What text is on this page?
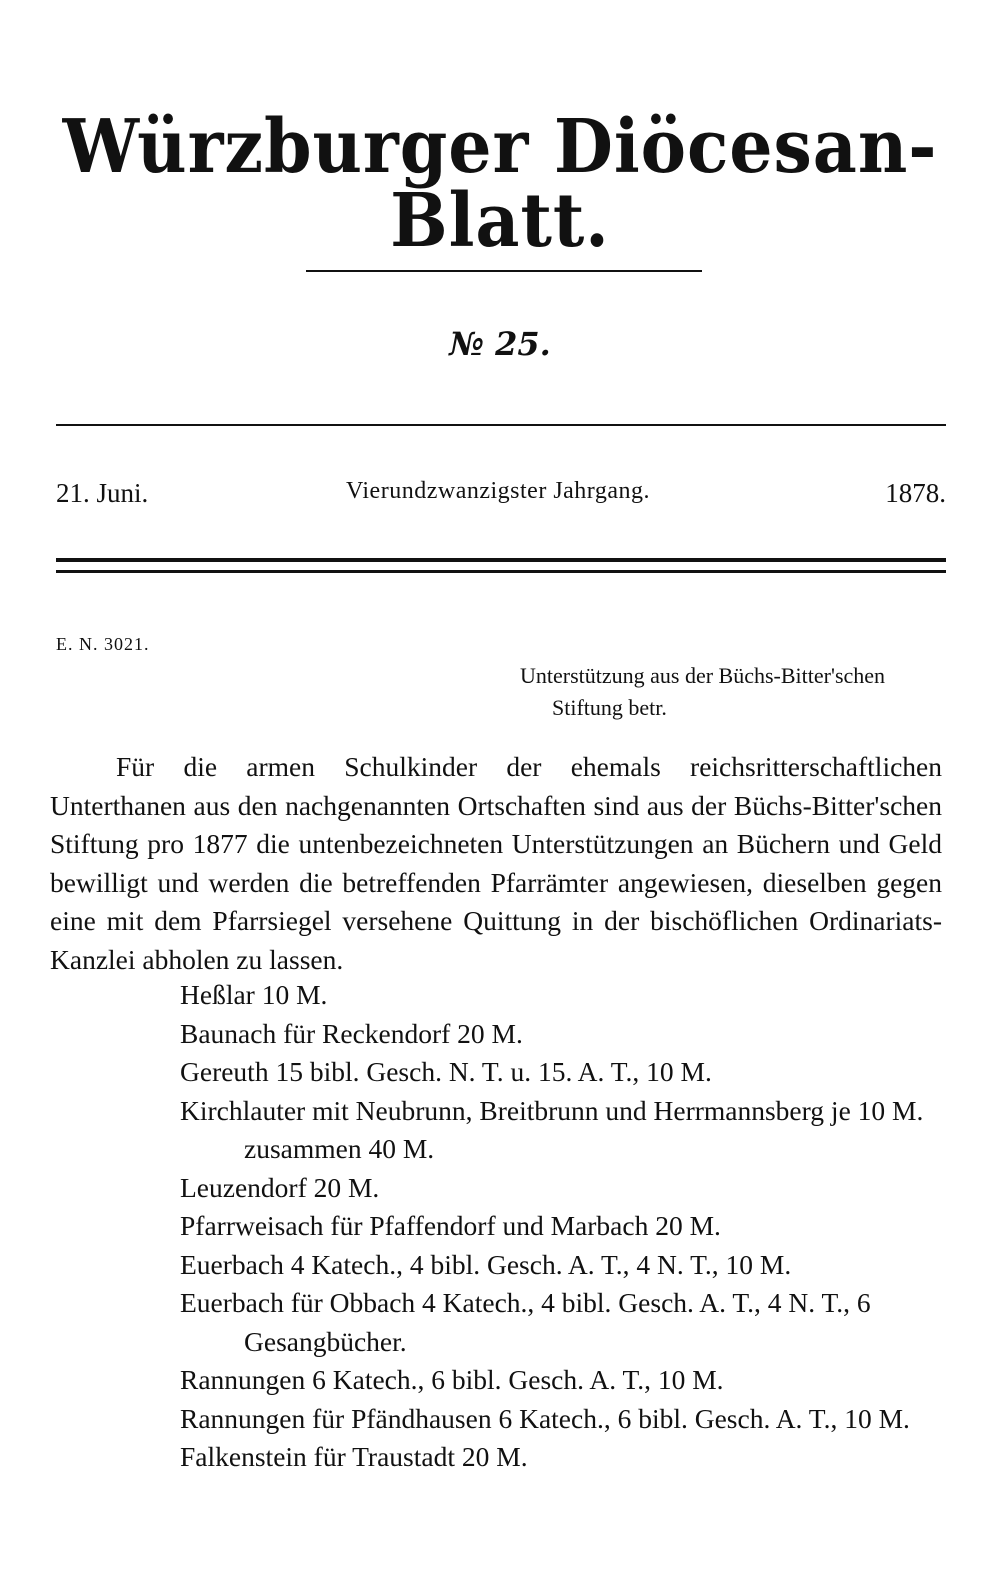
Würzburger Diöcesan-Blatt.
№ 25.
21. Juni.	Vierundzwanzigster Jahrgang.	1878.
E. N. 3021.
Unterstützung aus der Büchs-Bitter'schen
Stiftung betr.
Für die armen Schulkinder der ehemals reichsritterschaftlichen Unterthanen aus den nachgenannten Ortschaften sind aus der Büchs-Bitter'schen Stiftung pro 1877 die untenbezeichneten Unterstützungen an Büchern und Geld bewilligt und werden die betreffenden Pfarrämter angewiesen, dieselben gegen eine mit dem Pfarrsiegel versehene Quittung in der bischöflichen Ordinariats-Kanzlei abholen zu lassen.
Heßlar 10 M.
Baunach für Reckendorf 20 M.
Gereuth 15 bibl. Gesch. N. T. u. 15. A. T., 10 M.
Kirchlauter mit Neubrunn, Breitbrunn und Herrmannsberg je 10 M. zusammen 40 M.
Leuzendorf 20 M.
Pfarrweisach für Pfaffendorf und Marbach 20 M.
Euerbach 4 Katech., 4 bibl. Gesch. A. T., 4 N. T., 10 M.
Euerbach für Obbach 4 Katech., 4 bibl. Gesch. A. T., 4 N. T., 6 Gesangbücher.
Rannungen 6 Katech., 6 bibl. Gesch. A. T., 10 M.
Rannungen für Pfändhausen 6 Katech., 6 bibl. Gesch. A. T., 10 M.
Falkenstein für Traustadt 20 M.
